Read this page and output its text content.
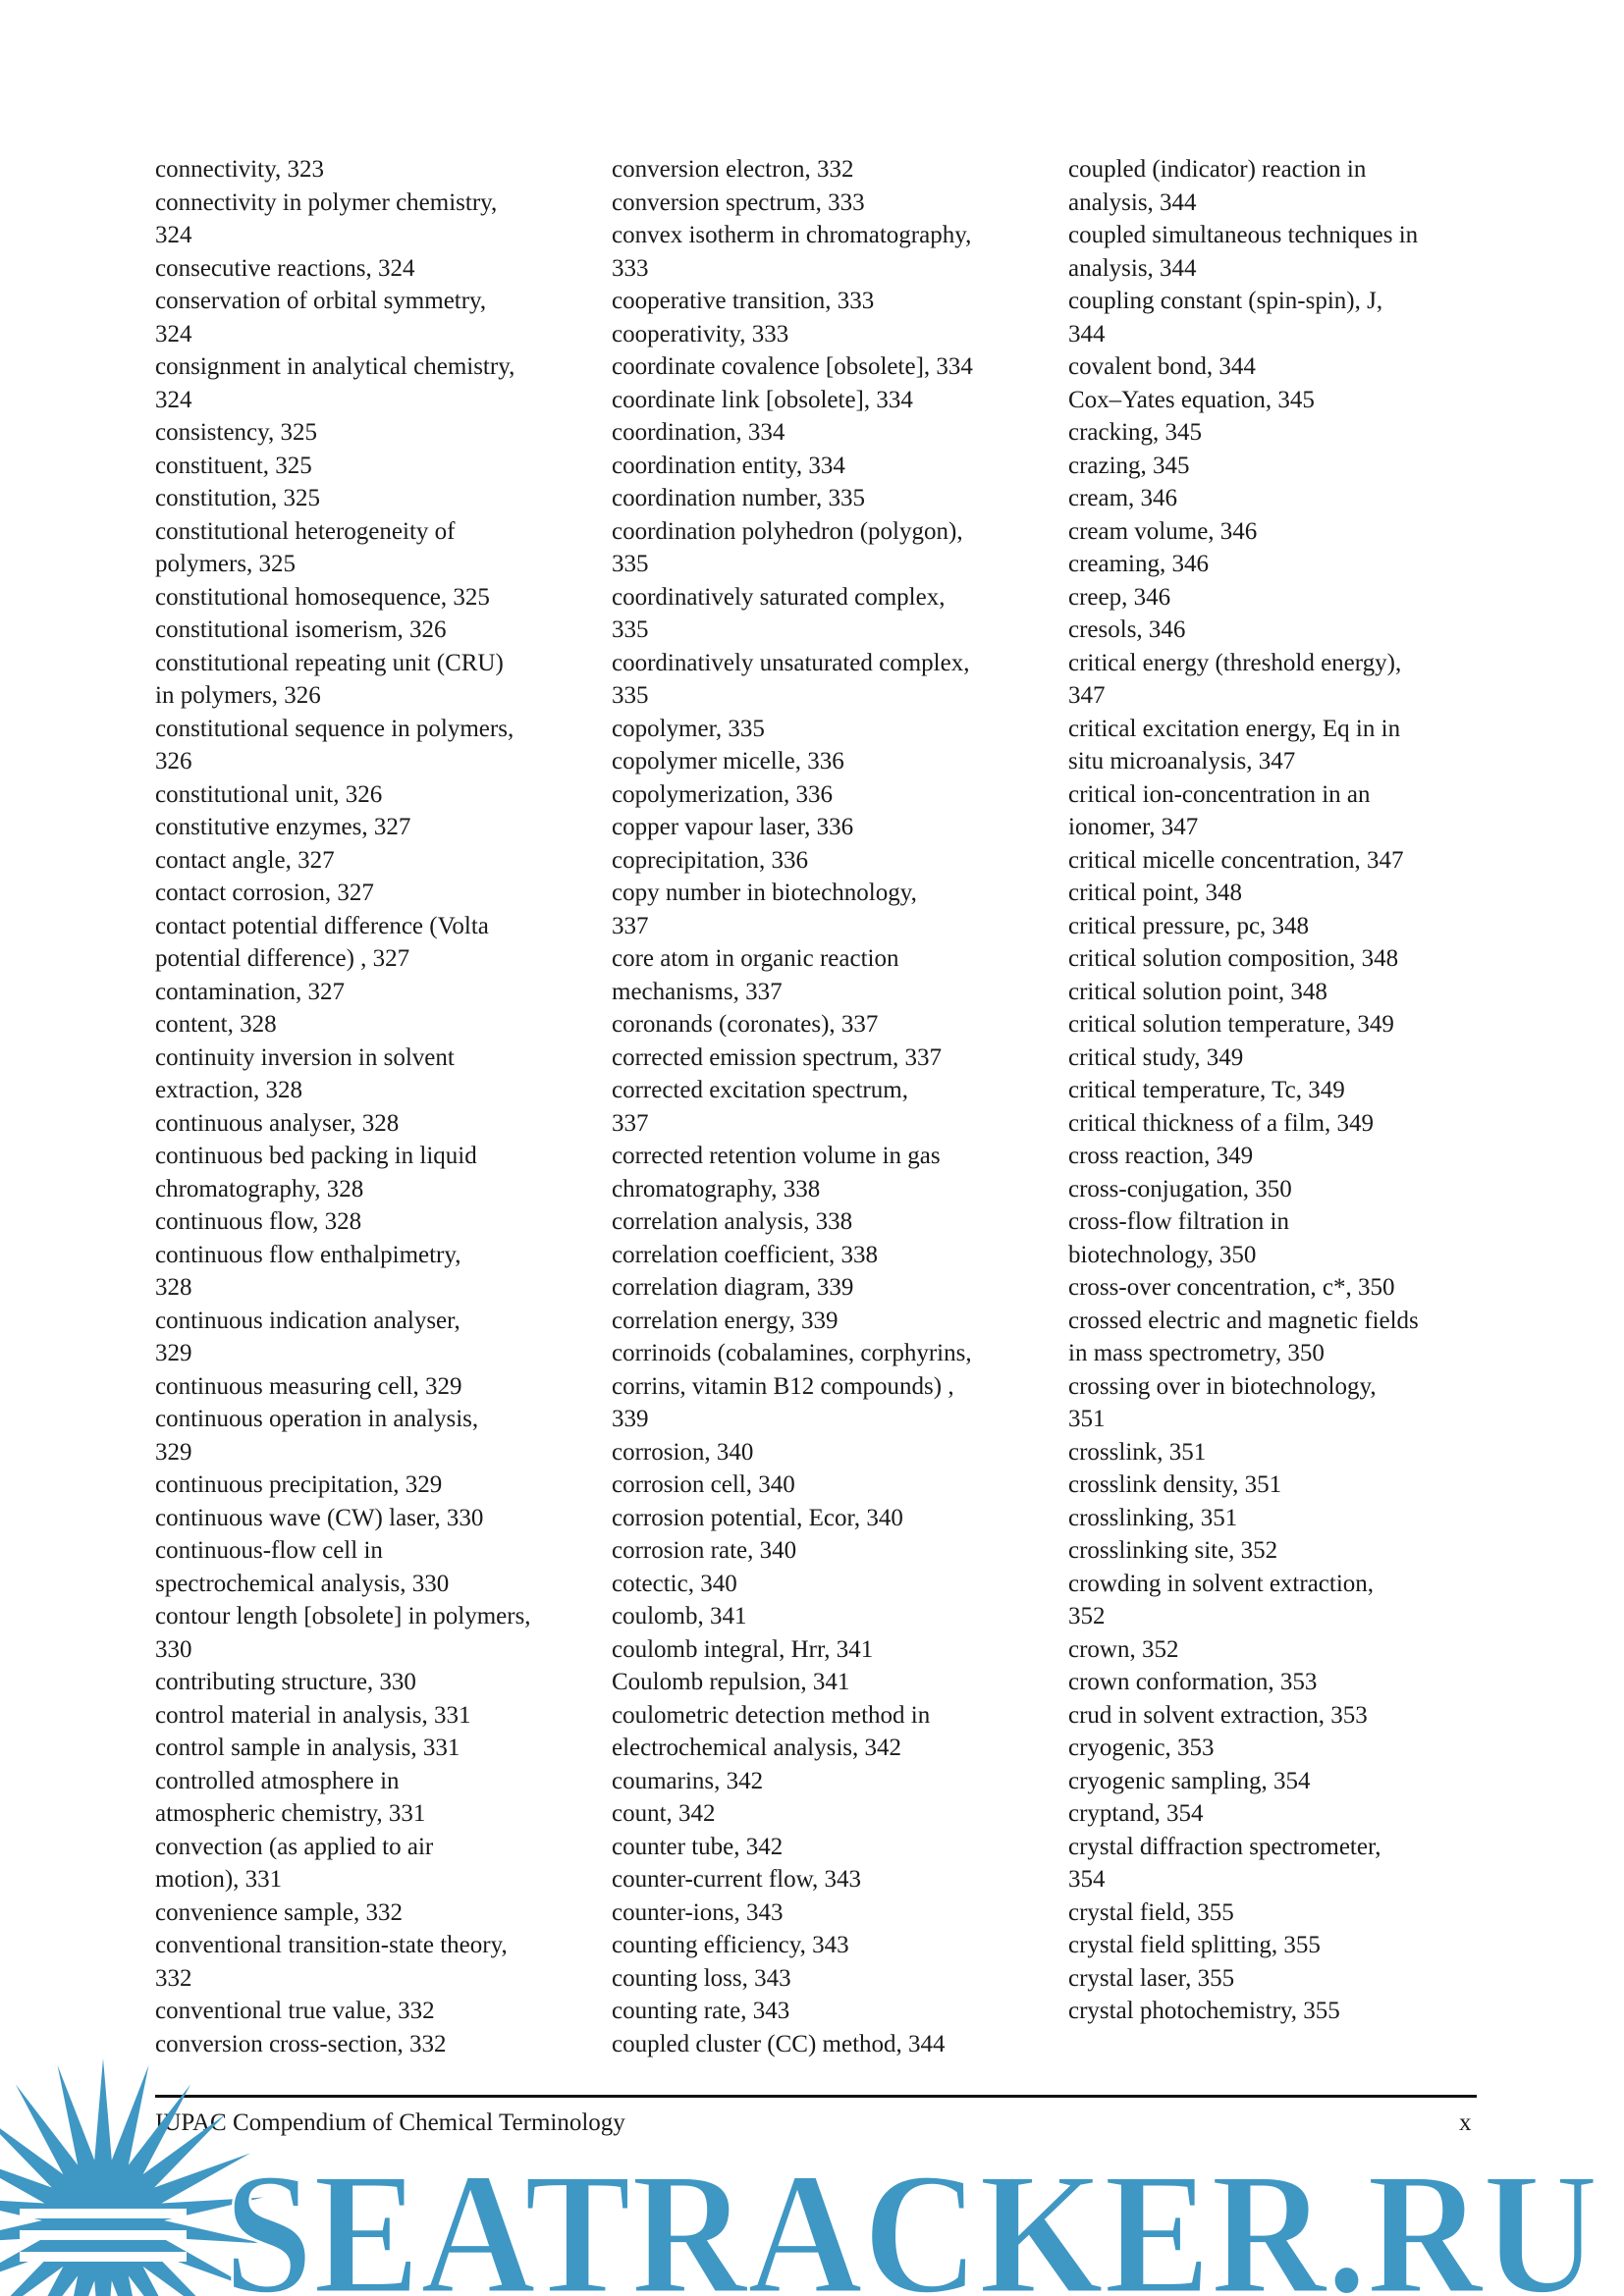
connectivity, 323
connectivity in polymer chemistry,
324
consecutive reactions, 324
conservation of orbital symmetry,
324
consignment in analytical chemistry,
324
consistency, 325
constituent, 325
constitution, 325
constitutional heterogeneity of
polymers, 325
constitutional homosequence, 325
constitutional isomerism, 326
constitutional repeating unit (CRU)
in polymers, 326
constitutional sequence in polymers,
326
constitutional unit, 326
constitutive enzymes, 327
contact angle, 327
contact corrosion, 327
contact potential difference (Volta
potential difference) , 327
contamination, 327
content, 328
continuity inversion in solvent
extraction, 328
continuous analyser, 328
continuous bed packing in liquid
chromatography, 328
continuous flow, 328
continuous flow enthalpimetry,
328
continuous indication analyser,
329
continuous measuring cell, 329
continuous operation in analysis,
329
continuous precipitation, 329
continuous wave (CW) laser, 330
continuous-flow cell in
spectrochemical analysis, 330
contour length [obsolete] in polymers,
330
contributing structure, 330
control material in analysis, 331
control sample in analysis, 331
controlled atmosphere in
atmospheric chemistry, 331
convection (as applied to air
motion), 331
convenience sample, 332
conventional transition-state theory,
332
conventional true value, 332
conversion cross-section, 332
conversion electron, 332
conversion spectrum, 333
convex isotherm in chromatography,
333
cooperative transition, 333
cooperativity, 333
coordinate covalence [obsolete], 334
coordinate link [obsolete], 334
coordination, 334
coordination entity, 334
coordination number, 335
coordination polyhedron (polygon),
335
coordinatively saturated complex,
335
coordinatively unsaturated complex,
335
copolymer, 335
copolymer micelle, 336
copolymerization, 336
copper vapour laser, 336
coprecipitation, 336
copy number in biotechnology,
337
core atom in organic reaction
mechanisms, 337
coronands (coronates), 337
corrected emission spectrum, 337
corrected excitation spectrum,
337
corrected retention volume in gas
chromatography, 338
correlation analysis, 338
correlation coefficient, 338
correlation diagram, 339
correlation energy, 339
corrinoids (cobalamines, corphyrins,
corrins, vitamin B12 compounds) ,
339
corrosion, 340
corrosion cell, 340
corrosion potential, Ecor, 340
corrosion rate, 340
cotectic, 340
coulomb, 341
coulomb integral, Hrr, 341
Coulomb repulsion, 341
coulometric detection method in
electrochemical analysis, 342
coumarins, 342
count, 342
counter tube, 342
counter-current flow, 343
counter-ions, 343
counting efficiency, 343
counting loss, 343
counting rate, 343
coupled cluster (CC) method, 344
coupled (indicator) reaction in
analysis, 344
coupled simultaneous techniques in
analysis, 344
coupling constant (spin-spin), J,
344
covalent bond, 344
Cox–Yates equation, 345
cracking, 345
crazing, 345
cream, 346
cream volume, 346
creaming, 346
creep, 346
cresols, 346
critical energy (threshold energy),
347
critical excitation energy, Eq in in
situ microanalysis, 347
critical ion-concentration in an
ionomer, 347
critical micelle concentration, 347
critical point, 348
critical pressure, pc, 348
critical solution composition, 348
critical solution point, 348
critical solution temperature, 349
critical study, 349
critical temperature, Tc, 349
critical thickness of a film, 349
cross reaction, 349
cross-conjugation, 350
cross-flow filtration in
biotechnology, 350
cross-over concentration, c*, 350
crossed electric and magnetic fields
in mass spectrometry, 350
crossing over in biotechnology,
351
crosslink, 351
crosslink density, 351
crosslinking, 351
crosslinking site, 352
crowding in solvent extraction,
352
crown, 352
crown conformation, 353
crud in solvent extraction, 353
cryogenic, 353
cryogenic sampling, 354
cryptand, 354
crystal diffraction spectrometer,
354
crystal field, 355
crystal field splitting, 355
crystal laser, 355
crystal photochemistry, 355
IUPAC Compendium of Chemical Terminology	x
SEATRACKER.RU
